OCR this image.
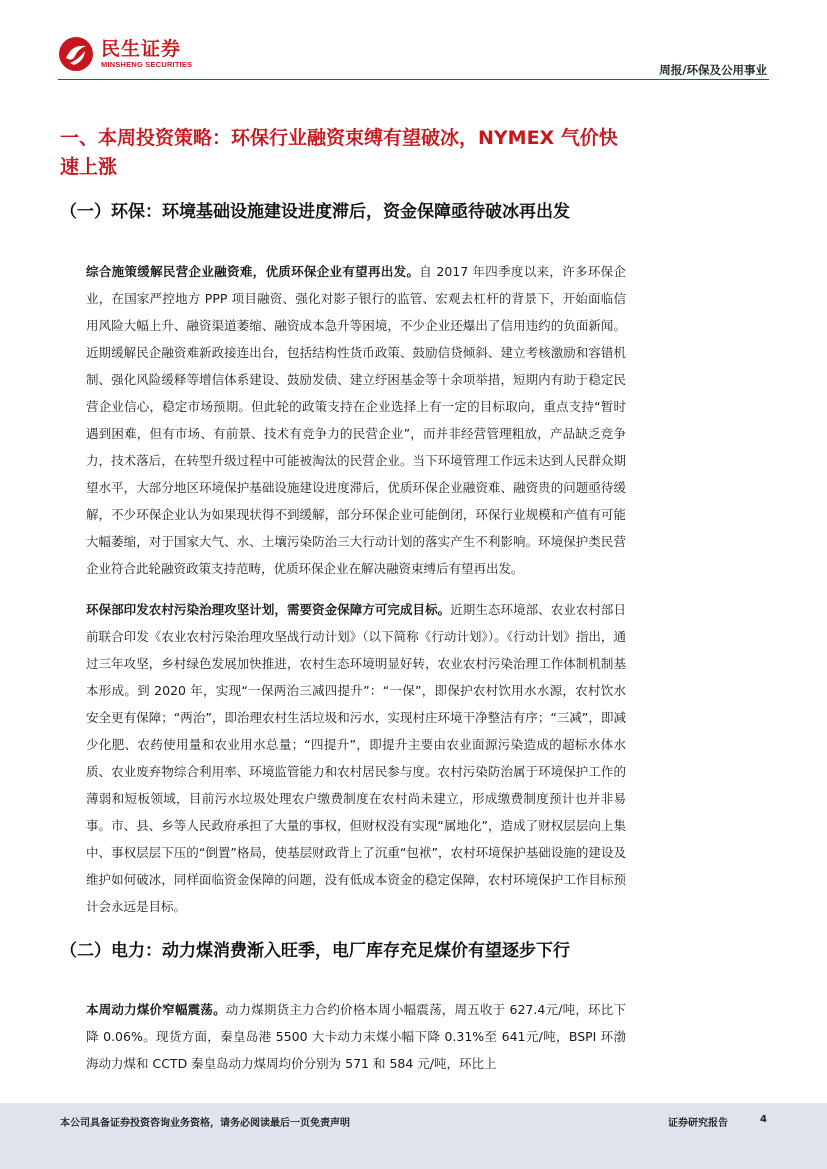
民生证券
MINSHENG SECURITIES	周报/环保及公用事业
一、本周投资策略：环保行业融资束缚有望破冰，NYMEX 气价快速上涨
（一）环保：环境基础设施建设进度滞后，资金保障亟待破冰再出发
综合施策缓解民营企业融资难，优质环保企业有望再出发。自 2017 年四季度以来，许多环保企业，在国家严控地方 PPP 项目融资、强化对影子银行的监管、宏观去杠杆的背景下，开始面临信用风险大幅上升、融资渠道萎缩、融资成本急升等困境，不少企业还爆出了信用违约的负面新闻。近期缓解民企融资难新政接连出台，包括结构性货币政策、鼓励信贷倾斜、建立考核激励和容错机制、强化风险缓释等增信体系建设、鼓励发债、建立纾困基金等十余项举措，短期内有助于稳定民营企业信心，稳定市场预期。但此轮的政策支持在企业选择上有一定的目标取向，重点支持“暂时遇到困难，但有市场、有前景、技术有竞争力的民营企业”，而并非经营管理粗放，产品缺乏竞争力，技术落后，在转型升级过程中可能被淘汰的民营企业。当下环境管理工作远未达到人民群众期望水平，大部分地区环境保护基础设施建设进度滞后，优质环保企业融资难、融资贵的问题亟待缓解，不少环保企业认为如果现状得不到缓解，部分环保企业可能倒闭，环保行业规模和产值有可能大幅萎缩，对于国家大气、水、土壤污染防治三大行动计划的落实产生不利影响。环境保护类民营企业符合此轮融资政策支持范畴，优质环保企业在解决融资束缚后有望再出发。
环保部印发农村污染治理攻坚计划，需要资金保障方可完成目标。近期生态环境部、农业农村部日前联合印发《农业农村污染治理攻坚战行动计划》（以下简称《行动计划》）。《行动计划》指出，通过三年攻坚，乡村绿色发展加快推进，农村生态环境明显好转，农业农村污染治理工作体制机制基本形成。到 2020 年，实现“一保两治三减四提升”：“一保”，即保护农村饮用水水源，农村饮水安全更有保障；“两治”，即治理农村生活垃圾和污水，实现村庄环境干净整洁有序；“三减”，即减少化肥、农药使用量和农业用水总量；“四提升”，即提升主要由农业面源污染造成的超标水体水质、农业废弃物综合利用率、环境监管能力和农村居民参与度。农村污染防治属于环境保护工作的薄弱和短板领域，目前污水垃圾处理农户缴费制度在农村尚未建立，形成缴费制度预计也并非易事。市、县、乡等人民政府承担了大量的事权，但财权没有实现“属地化”，造成了财权层层向上集中、事权层层下压的“倒置”格局，使基层财政背上了沉重“包袱”，农村环境保护基础设施的建设及维护如何破冰，同样面临资金保障的问题，没有低成本资金的稳定保障，农村环境保护工作目标预计会永远是目标。
（二）电力：动力煤消费渐入旺季，电厂库存充足煤价有望逐步下行
本周动力煤价窄幅震荡。动力煤期货主力合约价格本周小幅震荡，周五收于 627.4元/吨，环比下降 0.06%。现货方面，秦皇岛港 5500 大卡动力末煤小幅下降 0.31%至 641元/吨，BSPI 环渤海动力煤和 CCTD 秦皇岛动力煤周均价分别为 571 和 584 元/吨，环比上
本公司具备证券投资咨询业务资格，请务必阅读最后一页免责声明	证券研究报告	4
